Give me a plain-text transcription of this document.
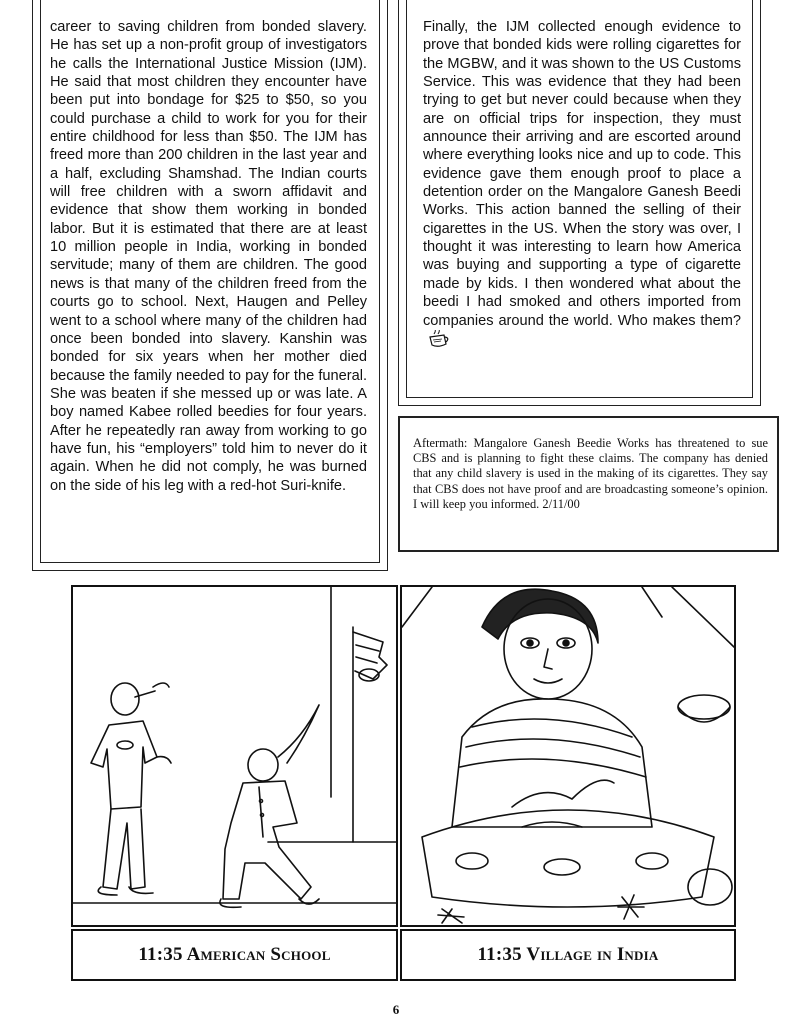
career to saving children from bonded slavery. He has set up a non-profit group of investigators he calls the International Justice Mission (IJM). He said that most children they encounter have been put into bondage for $25 to $50, so you could purchase a child to work for you for their entire childhood for less than $50. The IJM has freed more than 200 children in the last year and a half, excluding Shamshad. The Indian courts will free children with a sworn affidavit and evidence that show them working in bonded labor. But it is estimated that there are at least 10 million people in India, working in bonded servitude; many of them are children. The good news is that many of the children freed from the courts go to school. Next, Haugen and Pelley went to a school where many of the children had once been bonded into slavery. Kanshin was bonded for six years when her mother died because the family needed to pay for the funeral. She was beaten if she messed up or was late. A boy named Kabee rolled beedies for four years. After he repeatedly ran away from working to go have fun, his “employers” told him to never do it again. When he did not comply, he was burned on the side of his leg with a red-hot Suri-knife.
Finally, the IJM collected enough evidence to prove that bonded kids were rolling cigarettes for the MGBW, and it was shown to the US Customs Service. This was evidence that they had been trying to get but never could because when they are on official trips for inspection, they must announce their arriving and are escorted around where everything looks nice and up to code. This evidence gave them enough proof to place a detention order on the Mangalore Ganesh Beedi Works. This action banned the selling of their cigarettes in the US. When the story was over, I thought it was interesting to learn how America was buying and supporting a type of cigarette made by kids. I then wondered what about the beedi I had smoked and others imported from companies around the world. Who makes them?
Aftermath: Mangalore Ganesh Beedie Works has threatened to sue CBS and is planning to fight these claims. The company has denied that any child slavery is used in the making of its cigarettes. They say that CBS does not have proof and are broadcasting someone’s opinion. I will keep you informed. 2/11/00
11:35 American School	11:35 Village in India
6
